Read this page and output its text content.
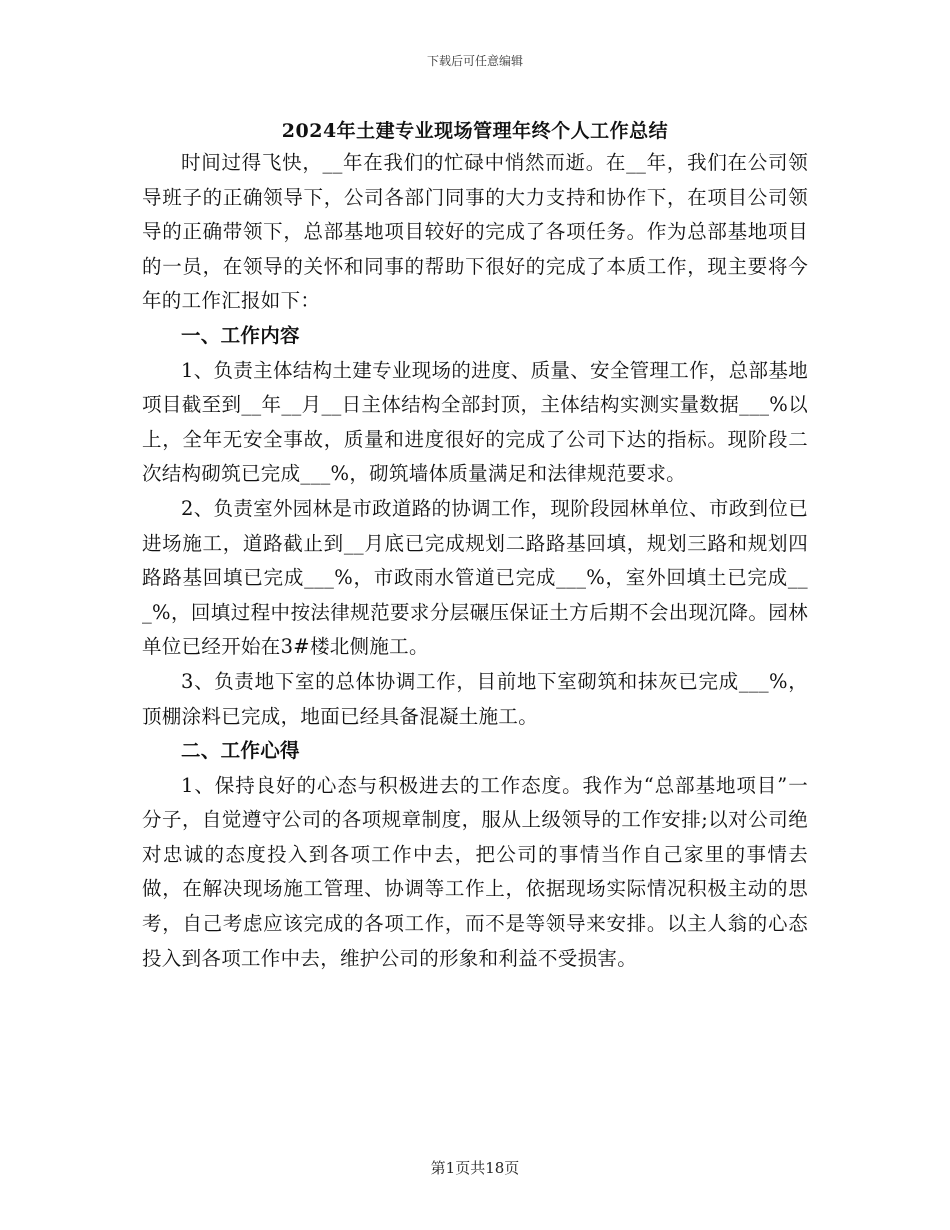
下载后可任意编辑
2024年土建专业现场管理年终个人工作总结

时间过得飞快，__年在我们的忙碌中悄然而逝。在__年，我们在公司领导班子的正确领导下，公司各部门同事的大力支持和协作下，在项目公司领导的正确带领下，总部基地项目较好的完成了各项任务。作为总部基地项目的一员，在领导的关怀和同事的帮助下很好的完成了本质工作，现主要将今年的工作汇报如下：

一、工作内容

1、负责主体结构土建专业现场的进度、质量、安全管理工作，总部基地项目截至到__年__月__日主体结构全部封顶，主体结构实测实量数据___%以上，全年无安全事故，质量和进度很好的完成了公司下达的指标。现阶段二次结构砌筑已完成___%，砌筑墙体质量满足和法律规范要求。

2、负责室外园林是市政道路的协调工作，现阶段园林单位、市政到位已进场施工，道路截止到__月底已完成规划二路路基回填，规划三路和规划四路路基回填已完成___%，市政雨水管道已完成___%，室外回填土已完成___%，回填过程中按法律规范要求分层碾压保证土方后期不会出现沉降。园林单位已经开始在3#楼北侧施工。

3、负责地下室的总体协调工作，目前地下室砌筑和抹灰已完成___%，顶棚涂料已完成，地面已经具备混凝土施工。

二、工作心得

1、保持良好的心态与积极进去的工作态度。我作为“总部基地项目”一分子，自觉遵守公司的各项规章制度，服从上级领导的工作安排;以对公司绝对忠诚的态度投入到各项工作中去，把公司的事情当作自己家里的事情去做，在解决现场施工管理、协调等工作上，依据现场实际情况积极主动的思考，自己考虑应该完成的各项工作，而不是等领导来安排。以主人翁的心态投入到各项工作中去，维护公司的形象和利益不受损害。

第1页共18页
